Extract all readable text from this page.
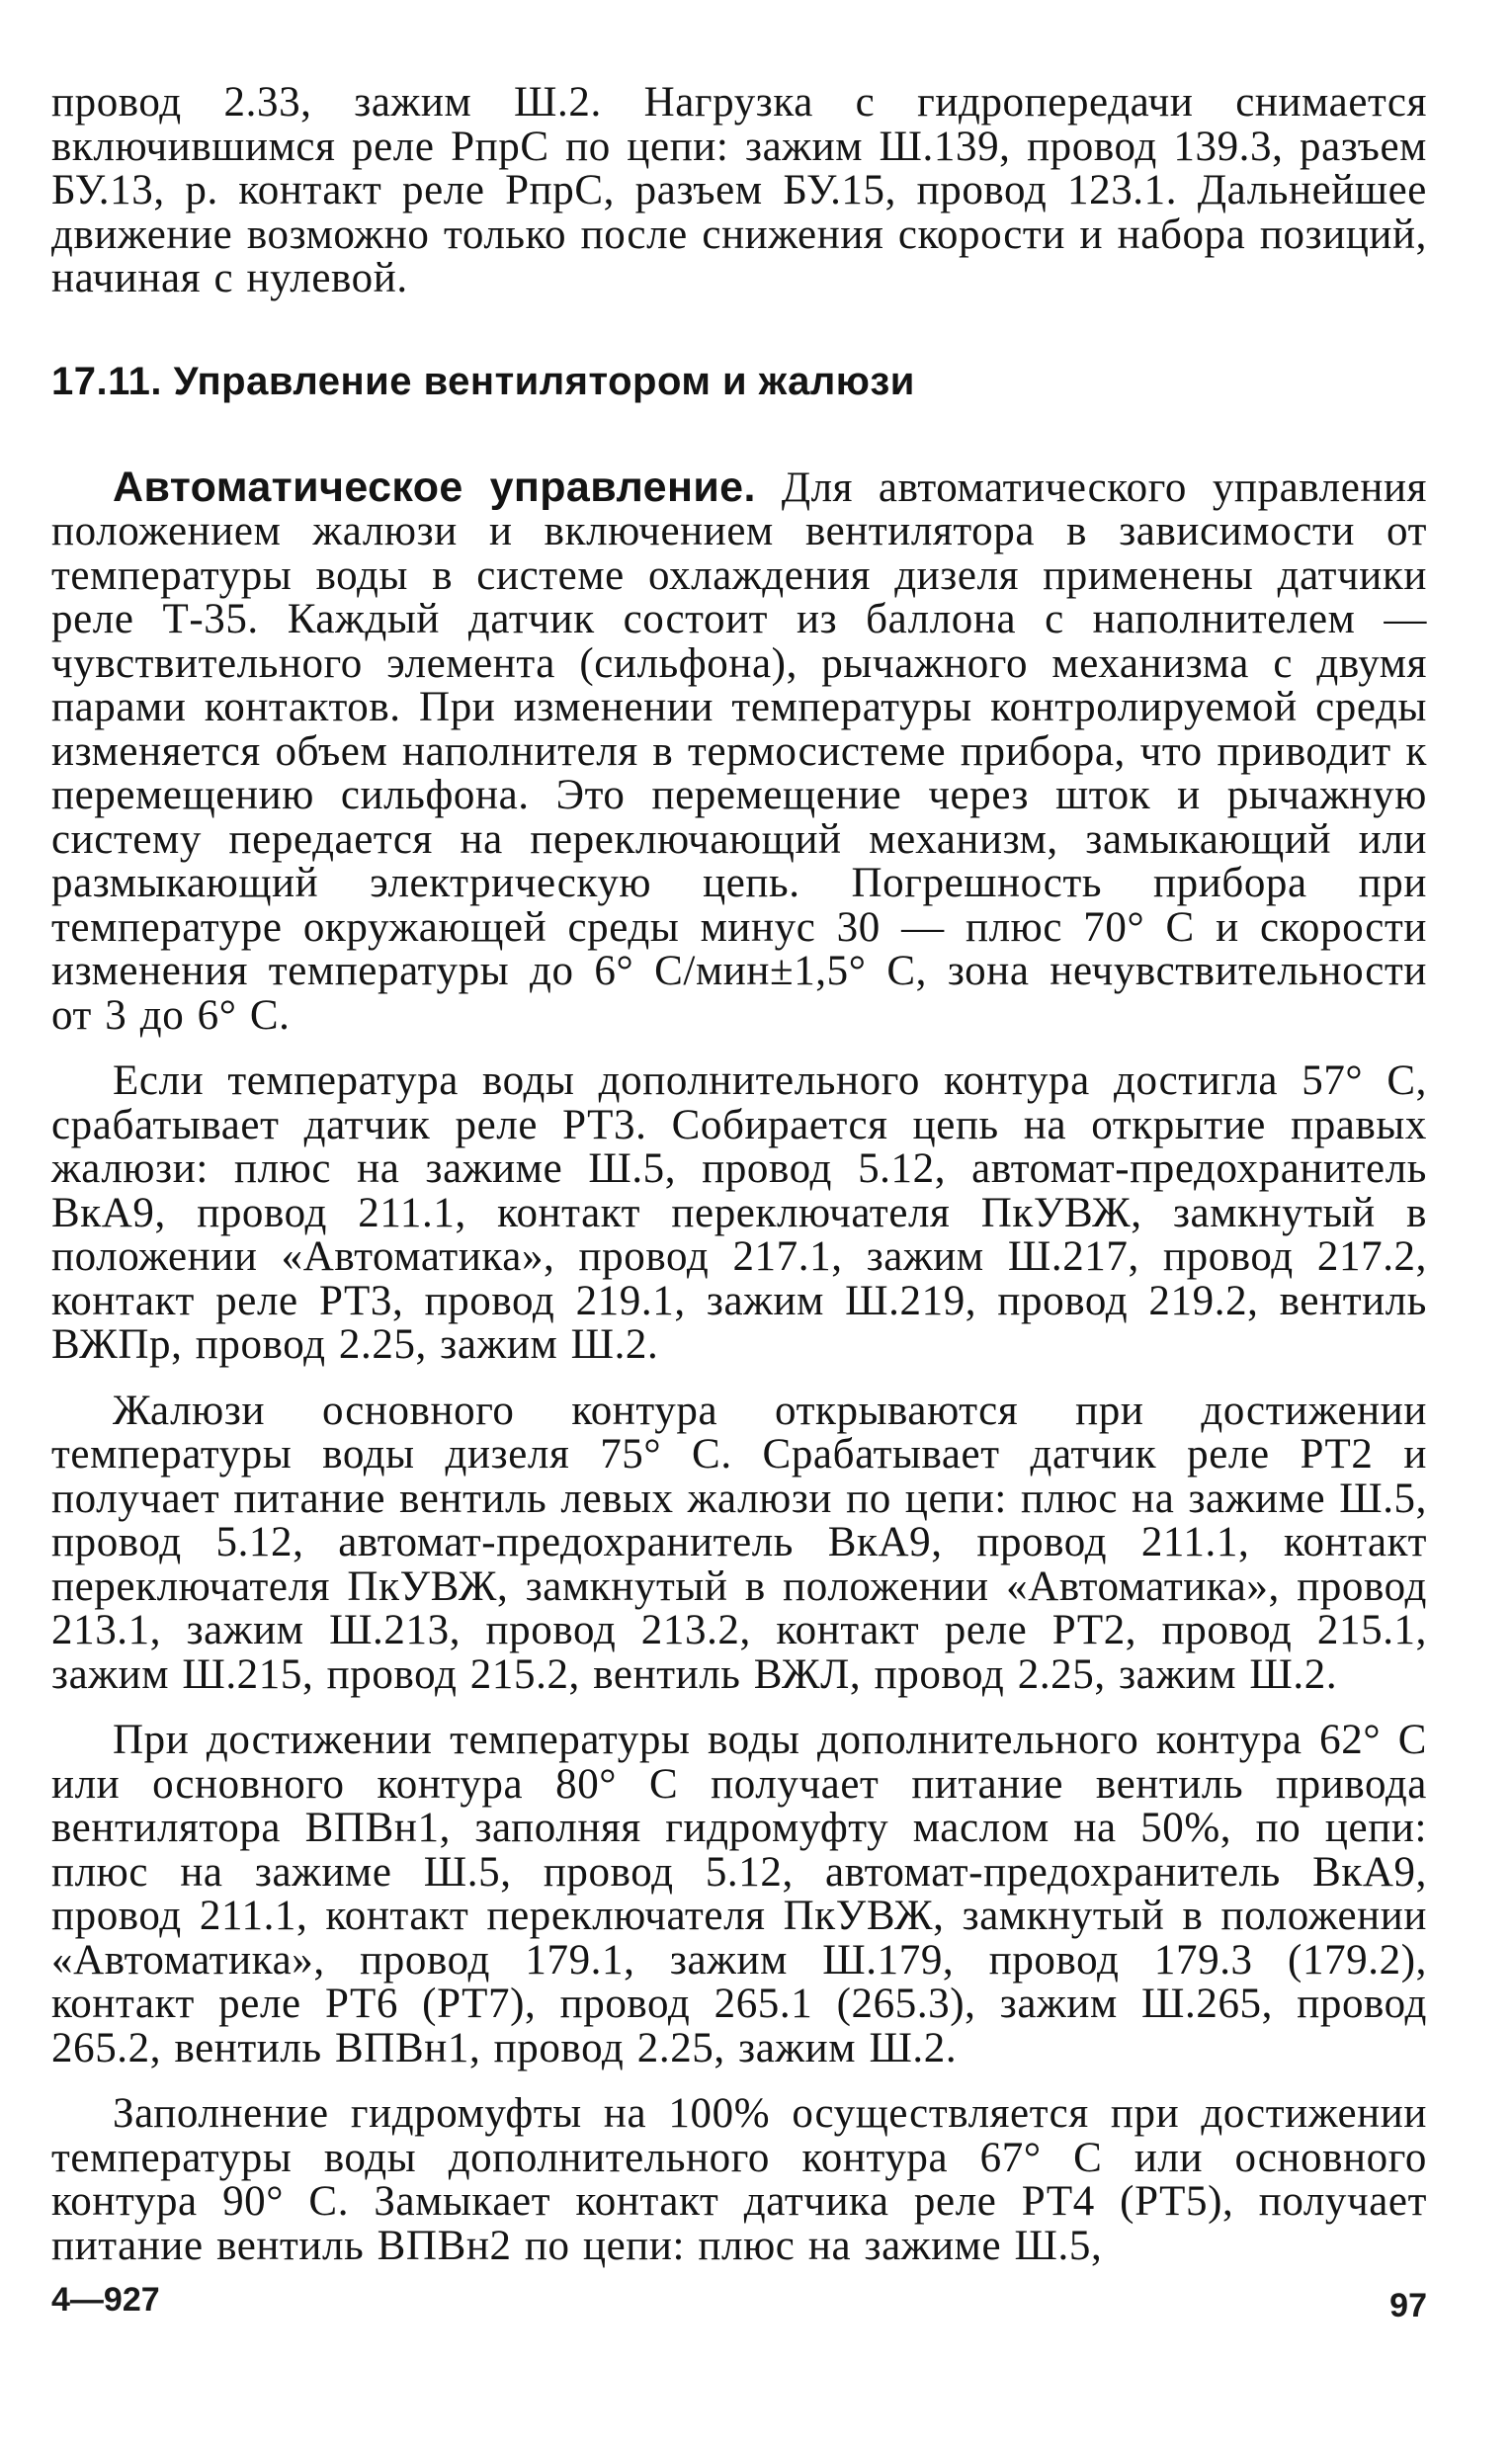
провод 2.33, зажим Ш.2. Нагрузка с гидропередачи снимается включившимся реле РпрС по цепи: зажим Ш.139, провод 139.3, разъем БУ.13, р. контакт реле РпрС, разъем БУ.15, провод 123.1. Дальнейшее движение возможно только после снижения скорости и набора позиций, начиная с нулевой.

17.11. Управление вентилятором и жалюзи

Автоматическое управление. Для автоматического управления положением жалюзи и включением вентилятора в зависимости от температуры воды в системе охлаждения дизеля применены датчики реле Т-35. Каждый датчик состоит из баллона с наполнителем — чувствительного элемента (сильфона), рычажного механизма с двумя парами контактов. При изменении температуры контролируемой среды изменяется объем наполнителя в термосистеме прибора, что приводит к перемещению сильфона. Это перемещение через шток и рычажную систему передается на переключающий механизм, замыкающий или размыкающий электрическую цепь. Погрешность прибора при температуре окружающей среды минус 30 — плюс 70° С и скорости изменения температуры до 6° С/мин±1,5° С, зона нечувствительности от 3 до 6° С.

Если температура воды дополнительного контура достигла 57° С, срабатывает датчик реле РТ3. Собирается цепь на открытие правых жалюзи: плюс на зажиме Ш.5, провод 5.12, автомат-предохранитель ВкА9, провод 211.1, контакт переключателя ПкУВЖ, замкнутый в положении «Автоматика», провод 217.1, зажим Ш.217, провод 217.2, контакт реле РТ3, провод 219.1, зажим Ш.219, провод 219.2, вентиль ВЖПр, провод 2.25, зажим Ш.2.

Жалюзи основного контура открываются при достижении температуры воды дизеля 75° С. Срабатывает датчик реле РТ2 и получает питание вентиль левых жалюзи по цепи: плюс на зажиме Ш.5, провод 5.12, автомат-предохранитель ВкА9, провод 211.1, контакт переключателя ПкУВЖ, замкнутый в положении «Автоматика», провод 213.1, зажим Ш.213, провод 213.2, контакт реле РТ2, провод 215.1, зажим Ш.215, провод 215.2, вентиль ВЖЛ, провод 2.25, зажим Ш.2.

При достижении температуры воды дополнительного контура 62° С или основного контура 80° С получает питание вентиль привода вентилятора ВПВн1, заполняя гидромуфту маслом на 50%, по цепи: плюс на зажиме Ш.5, провод 5.12, автомат-предохранитель ВкА9, провод 211.1, контакт переключателя ПкУВЖ, замкнутый в положении «Автоматика», провод 179.1, зажим Ш.179, провод 179.3 (179.2), контакт реле РТ6 (РТ7), провод 265.1 (265.3), зажим Ш.265, провод 265.2, вентиль ВПВн1, провод 2.25, зажим Ш.2.

Заполнение гидромуфты на 100% осуществляется при достижении температуры воды дополнительного контура 67° С или основного контура 90° С. Замыкает контакт датчика реле РТ4 (РТ5), получает питание вентиль ВПВн2 по цепи: плюс на зажиме Ш.5,

4—927	97
